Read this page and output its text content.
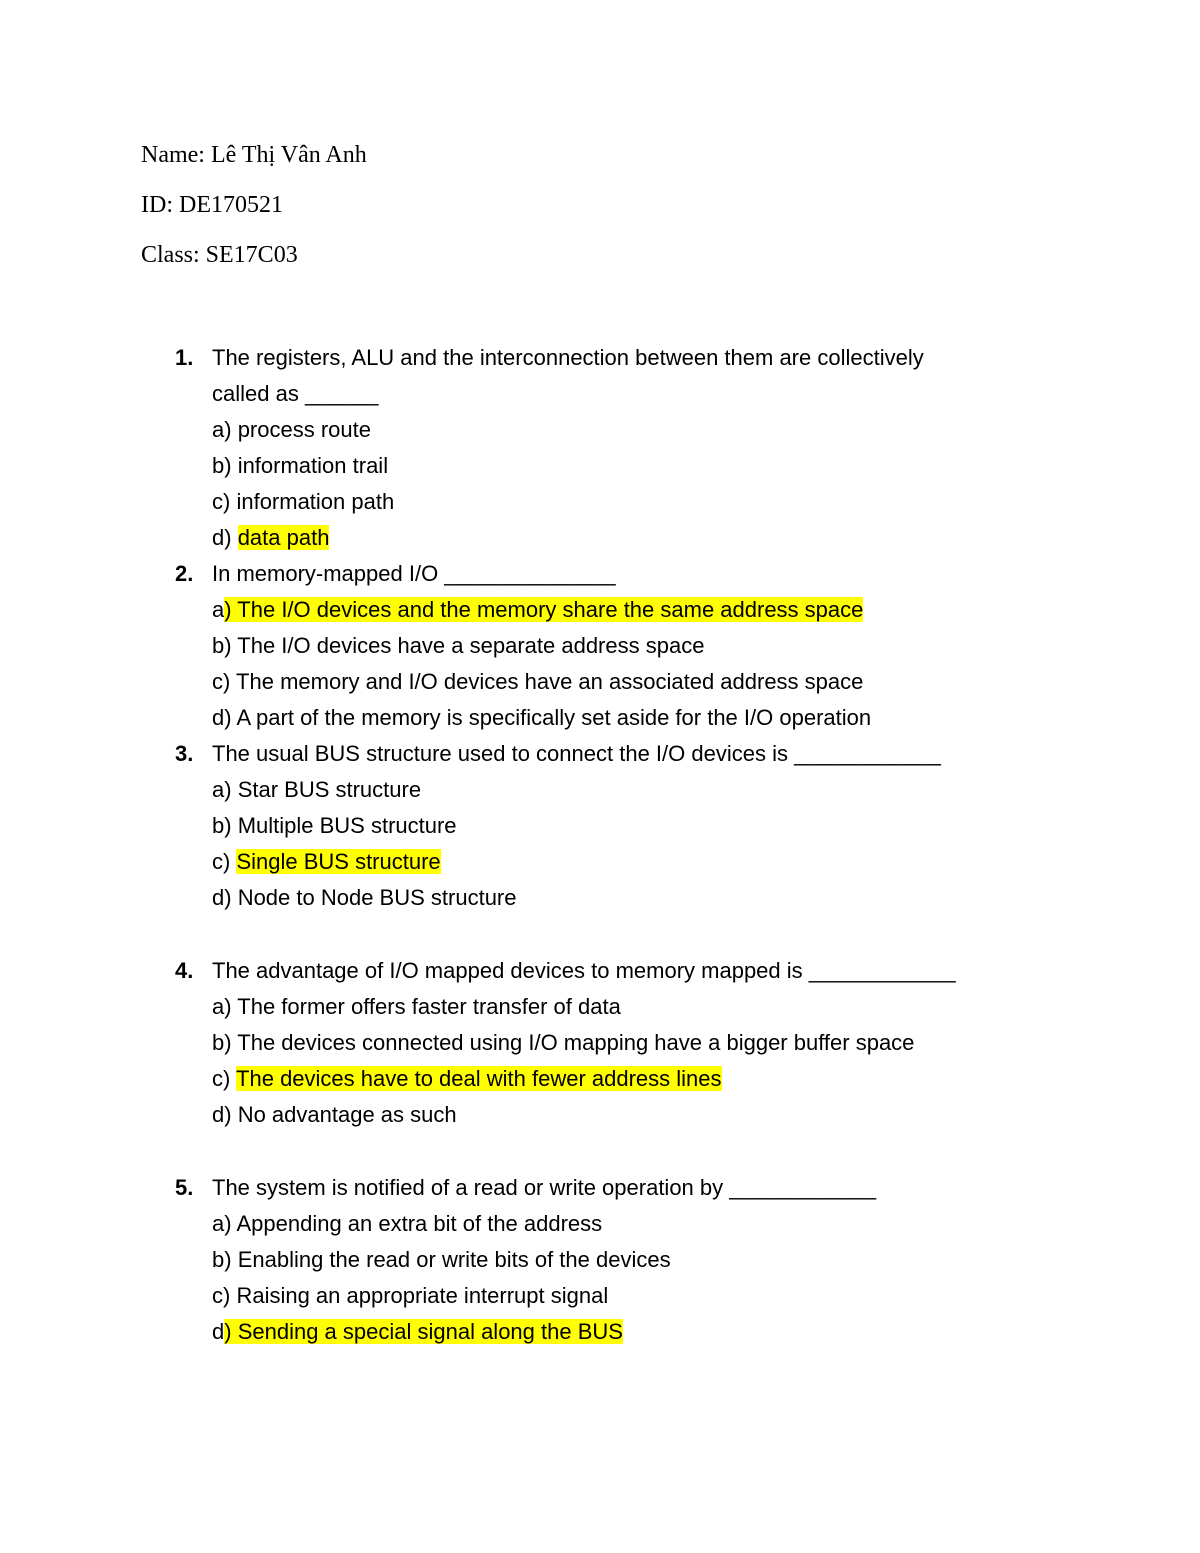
Name: Lê Thị Vân Anh
ID: DE170521
Class: SE17C03
1. The registers, ALU and the interconnection between them are collectively
called as ______
a) process route
b) information trail
c) information path
d) data path
2. In memory-mapped I/O ______________
a) The I/O devices and the memory share the same address space
b) The I/O devices have a separate address space
c) The memory and I/O devices have an associated address space
d) A part of the memory is specifically set aside for the I/O operation
3. The usual BUS structure used to connect the I/O devices is ____________
a) Star BUS structure
b) Multiple BUS structure
c) Single BUS structure
d) Node to Node BUS structure
4. The advantage of I/O mapped devices to memory mapped is ____________
a) The former offers faster transfer of data
b) The devices connected using I/O mapping have a bigger buffer space
c) The devices have to deal with fewer address lines
d) No advantage as such
5. The system is notified of a read or write operation by ____________
a) Appending an extra bit of the address
b) Enabling the read or write bits of the devices
c) Raising an appropriate interrupt signal
d) Sending a special signal along the BUS
